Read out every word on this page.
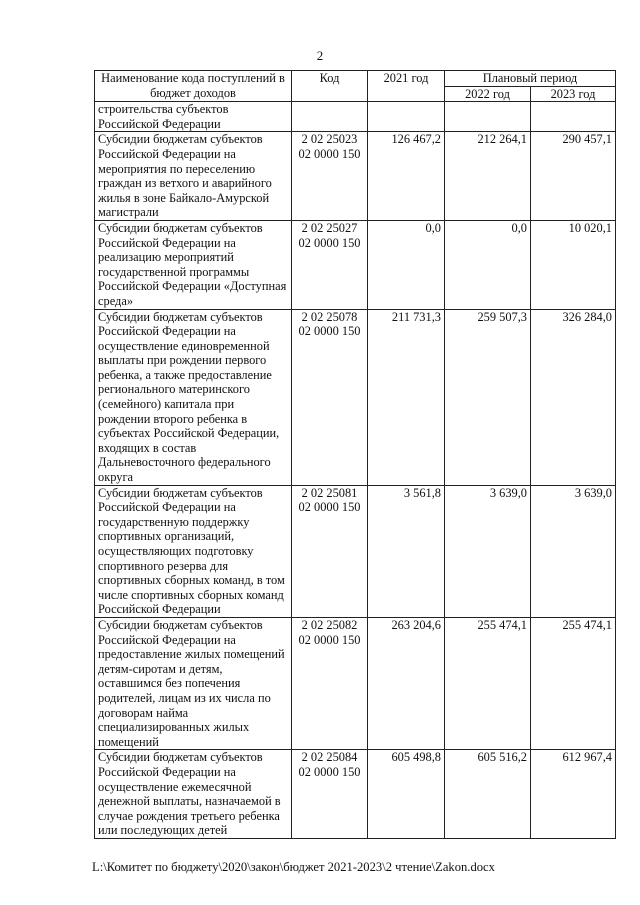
2
Наименование кода поступлений в бюджет доходов	Код	2021 год	Плановый период	
			2022 год	2023 год
строительства субъектов Российской Федерации				
Субсидии бюджетам субъектов Российской Федерации на мероприятия по переселению граждан из ветхого и аварийного жилья в зоне Байкало-Амурской магистрали	2 02 25023 02 0000 150	126 467,2	212 264,1	290 457,1
Субсидии бюджетам субъектов Российской Федерации на реализацию мероприятий государственной программы Российской Федерации «Доступная среда»	2 02 25027 02 0000 150	0,0	0,0	10 020,1
Субсидии бюджетам субъектов Российской Федерации на осуществление единовременной выплаты при рождении первого ребенка, а также предоставление регионального материнского (семейного) капитала при рождении второго ребенка в субъектах Российской Федерации, входящих в состав Дальневосточного федерального округа	2 02 25078 02 0000 150	211 731,3	259 507,3	326 284,0
Субсидии бюджетам субъектов Российской Федерации на государственную поддержку спортивных организаций, осуществляющих подготовку спортивного резерва для спортивных сборных команд, в том числе спортивных сборных команд Российской Федерации	2 02 25081 02 0000 150	3 561,8	3 639,0	3 639,0
Субсидии бюджетам субъектов Российской Федерации на предоставление жилых помещений детям-сиротам и детям, оставшимся без попечения родителей, лицам из их числа по договорам найма специализированных жилых помещений	2 02 25082 02 0000 150	263 204,6	255 474,1	255 474,1
Субсидии бюджетам субъектов Российской Федерации на осуществление ежемесячной денежной выплаты, назначаемой в случае рождения третьего ребенка или последующих детей	2 02 25084 02 0000 150	605 498,8	605 516,2	612 967,4
L:\Комитет по бюджету\2020\закон\бюджет 2021-2023\2 чтение\Zakon.docx
